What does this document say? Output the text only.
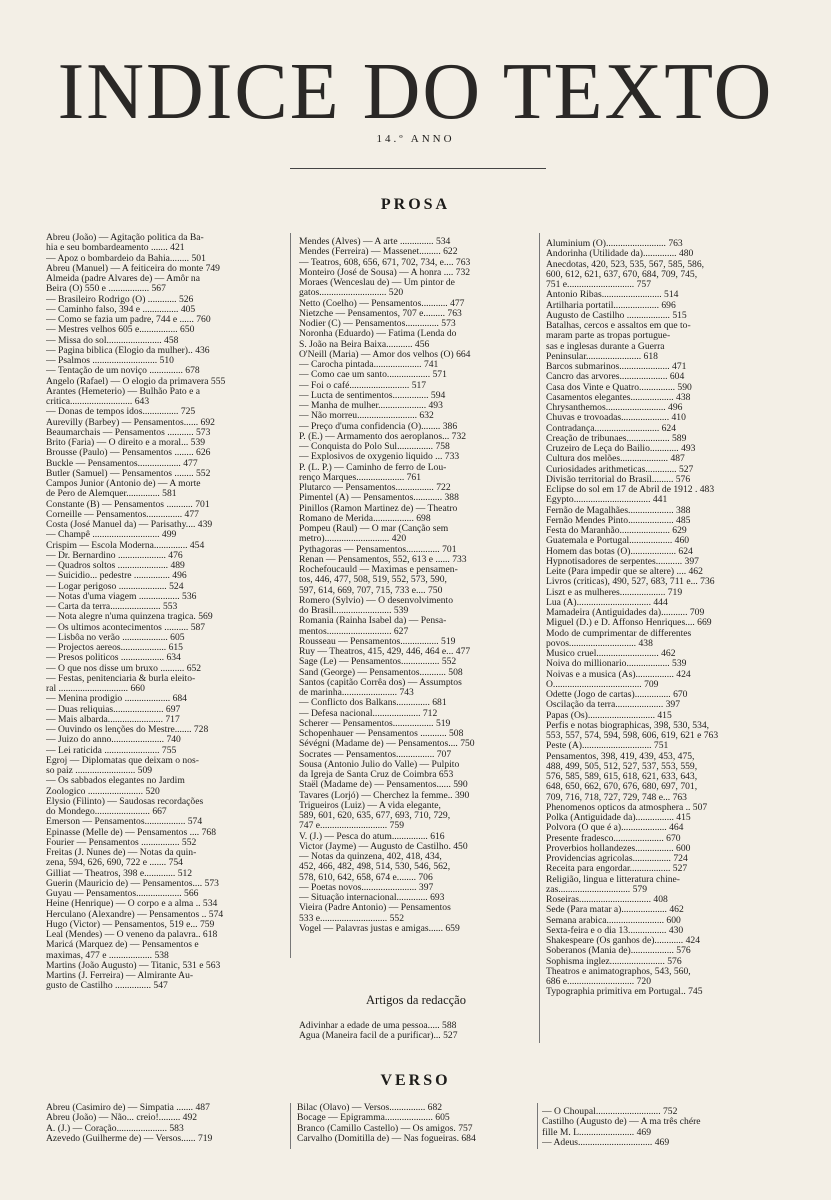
INDICE DO TEXTO
14.º ANNO
PROSA
Abreu (João) — Agitação politica da Ba-
hia e seu bombardeamento ....... 421
— Apoz o bombardeio da Bahia........ 501
Abreu (Manuel) — A feiticeira do monte 749
Almeida (padre Alvares de) — Amôr na
Beira (O) 550 e ................. 567
— Brasileiro Rodrigo (O) ............ 526
— Caminho falso, 394 e ............... 405
— Como se fazia um padre, 744 e ...... 760
— Mestres velhos 605 e................ 650
— Missa do sol....................... 458
— Pagina biblica (Elogio da mulher).. 436
— Psalmos ........................... 510
— Tentação de um noviço .............. 678
Angelo (Rafael) — O elogio da primavera 555
Arantes (Hemeterio) — Bulhão Pato e a
critica.......................... 643
— Donas de tempos idos............... 725
Aurevilly (Barbey) — Pensamentos...... 692
Beaumarchais — Pensamentos ........... 573
Brito (Faria) — O direito e a moral... 539
Brousse (Paulo) — Pensamentos ........ 626
Buckle — Pensamentos.................. 477
Butler (Samuel) — Pensamentos ........ 552
Campos Junior (Antonio de) — A morte
de Pero de Alemquer.............. 581
Constante (B) — Pensamentos ........... 701
Corneille — Pensamentos............... 477
Costa (José Manuel da) — Parisathy.... 439
— Champê ............................ 499
Crispim — Escola Moderna.............. 454
— Dr. Bernardino .................... 476
— Quadros soltos ..................... 489
— Suicidio... pedestre ............... 496
— Logar perigoso .................... 524
— Notas d'uma viagem ................. 536
— Carta da terra..................... 553
— Nota alegre n'uma quinzena tragica. 569
— Os ultimos acontecimentos .......... 587
— Lisbôa no verão ................... 605
— Projectos aereos................... 615
— Presos politicos .................. 634
— O que nos disse um bruxo .......... 652
— Festas, penitenciaria & burla eleito-
ral ............................. 660
— Menina prodigio ................... 684
— Duas reliquias..................... 697
— Mais albarda....................... 717
— Ouvindo os lenções do Mestre....... 728
— Juizo do anno...................... 740
— Lei raticida ....................... 755
Egroj — Diplomatas que deixam o nos-
so paiz ......................... 509
— Os sabbados elegantes no Jardim
Zoologico ....................... 520
Elysio (Filinto) — Saudosas recordações
do Mondego....................... 667
Emerson — Pensamentos................. 574
Epinasse (Melle de) — Pensamentos .... 768
Fourier — Pensamentos ................ 552
Freitas (J. Nunes de) — Notas da quin-
zena, 594, 626, 690, 722 e ....... 754
Gilliat — Theatros, 398 e............. 512
Guerin (Mauricio de) — Pensamentos.... 573
Guyau — Pensamentos................... 566
Heine (Henrique) — O corpo e a alma .. 534
Herculano (Alexandre) — Pensamentos .. 574
Hugo (Victor) — Pensamentos, 519 e... 759
Leal (Mendes) — O veneno da palavra.. 618
Maricá (Marquez de) — Pensamentos e
maximas, 477 e .................. 538
Martins (João Augusto) — Titanic, 531 e 563
Martins (J. Ferreira) — Almirante Au-
gusto de Castilho ............... 547
Mendes (Alves) — A arte .............. 534
Mendes (Ferreira) — Massenet......... 622
— Teatros, 608, 656, 671, 702, 734, e.... 763
Monteiro (José de Sousa) — A honra .... 732
Moraes (Wenceslau de) — Um pintor de
gatos............................ 520
Netto (Coelho) — Pensamentos........... 477
Nietzche — Pensamentos, 707 e......... 763
Nodier (C) — Pensamentos.............. 573
Noronha (Eduardo) — Fatima (Lenda do
S. João na Beira Baixa........... 456
O'Neill (Maria) — Amor dos velhos (O) 664
— Carocha pintada.................... 741
— Como cae um santo.................. 571
— Foi o café......................... 517
— Lucta de sentimentos............... 594
— Manha de mulher.................... 493
— Não morreu......................... 632
— Preço d'uma confidencia (O)........ 386
P. (E.) — Armamento dos aeroplanos... 732
— Conquista do Polo Sul............... 758
— Explosivos de oxygenio liquido ... 733
P. (L. P.) — Caminho de ferro de Lou-
renço Marques.................... 761
Plutarco — Pensamentos................ 722
Pimentel (A) — Pensamentos............ 388
Pinillos (Ramon Martinez de) — Theatro
Romano de Merida................. 698
Pompeu (Raul) — O mar (Canção sem
metro)........................... 420
Pythagoras — Pensamentos.............. 701
Renan — Pensamentos, 552, 613 e ...... 733
Rochefoucauld — Maximas e pensamen-
tos, 446, 477, 508, 519, 552, 573, 590,
597, 614, 669, 707, 715, 733 e.... 750
Romero (Sylvio) — O desenvolvimento
do Brasil........................ 539
Romania (Rainha Isabel da) — Pensa-
mentos........................... 627
Rousseau — Pensamentos................ 519
Ruy — Theatros, 415, 429, 446, 464 e... 477
Sage (Le) — Pensamentos................ 552
Sand (George) — Pensamentos........... 508
Santos (capitão Corrêa dos) — Assumptos
de marinha....................... 743
— Conflicto dos Balkans.............. 681
— Defesa nacional.................... 712
Scherer — Pensamentos................. 519
Schopenhauer — Pensamentos ........... 508
Sévégni (Madame de) — Pensamentos.... 750
Socrates — Pensamentos................ 707
Sousa (Antonio Julio do Valle) — Pulpito
da Igreja de Santa Cruz de Coimbra 653
Staël (Madame de) — Pensamentos...... 590
Tavares (Lorjó) — Cherchez la femme.. 390
Trigueiros (Luiz) — A vida elegante,
589, 601, 620, 635, 677, 693, 710, 729,
747 e............................ 759
V. (J.) — Pesca do atum............... 616
Victor (Jayme) — Augusto de Castilho. 450
— Notas da quinzena, 402, 418, 434,
452, 466, 482, 498, 514, 530, 546, 562,
578, 610, 642, 658, 674 e........ 706
— Poetas novos....................... 397
— Situação internacional............. 693
Vieira (Padre Antonio) — Pensamentos
533 e............................ 552
Vogel — Palavras justas e amigas...... 659
Aluminium (O)......................... 763
Andorinha (Utilidade da).............. 480
Anecdotas, 420, 523, 535, 567, 585, 586,
600, 612, 621, 637, 670, 684, 709, 745,
751 e............................ 757
Antonio Ribas......................... 514
Artilharia portatil................... 696
Augusto de Castilho .................. 515
Batalhas, cercos e assaltos em que to-
maram parte as tropas portugue-
sas e inglesas durante a Guerra
Peninsular....................... 618
Barcos submarinos..................... 471
Cancro das arvores.................... 604
Casa dos Vinte e Quatro............... 590
Casamentos elegantes.................. 438
Chrysanthemos......................... 496
Chuvas e trovoadas.................... 410
Contradança........................... 624
Creação de tribunaes.................. 589
Cruzeiro de Leça do Bailio............ 493
Cultura dos melões.................... 487
Curiosidades arithmeticas............. 527
Divisão territorial do Brasil......... 576
Eclipse do sol em 17 de Abril de 1912 . 483
Egypto................................ 441
Fernão de Magalhães................... 388
Fernão Mendes Pinto................... 485
Festa do Maranhão..................... 629
Guatemala e Portugal.................. 460
Homem das botas (O)................... 624
Hypnotisadores de serpentes........... 397
Leite (Para impedir que se altere) .... 462
Livros (criticas), 490, 527, 683, 711 e... 736
Liszt e as mulheres................... 719
Lua (A)............................... 444
Mamadeira (Antiguidades da)........... 709
Miguel (D.) e D. Affonso Henriques.... 669
Modo de cumprimentar de differentes
povos............................ 438
Musico cruel.......................... 462
Noiva do millionario.................. 539
Noivas e a musica (As)................ 424
O..................................... 709
Odette (Jogo de cartas)............... 670
Oscilação da terra.................... 397
Papas (Os)............................ 415
Perfis e notas biographicas, 398, 530, 534,
553, 557, 574, 594, 598, 606, 619, 621 e 763
Peste (A)............................. 751
Pensamentos, 398, 419, 439, 453, 475,
488, 499, 505, 512, 527, 537, 553, 559,
576, 585, 589, 615, 618, 621, 633, 643,
648, 650, 662, 670, 676, 680, 697, 701,
709, 716, 718, 727, 729, 748 e... 763
Phenomenos opticos da atmosphera .. 507
Polka (Antiguidade da)................ 415
Polvora (O que é a)................... 464
Presente fradesco..................... 670
Proverbios hollandezes................ 600
Providencias agricolas................ 724
Receita para engordar................. 527
Religião, lingua e litteratura chine-
zas.............................. 579
Roseiras.............................. 408
Sede (Para matar a)................... 462
Semana arabica........................ 600
Sexta-feira e o dia 13................ 430
Shakespeare (Os ganhos de)............ 424
Soberanos (Mania de).................. 576
Sophisma inglez....................... 576
Theatros e animatographos, 543, 560,
686 e............................ 720
Typographia primitiva em Portugal.. 745
Artigos da redacção
Adivinhar a edade de uma pessoa..... 588
Agua (Maneira facil de a purificar)... 527
VERSO
Abreu (Casimiro de) — Simpatia ....... 487
Abreu (João) — Não... creio!......... 492
A. (J.) — Coração..................... 583
Azevedo (Guilherme de) — Versos...... 719
Bilac (Olavo) — Versos............... 682
Bocage — Epigramma.................... 605
Branco (Camillo Castello) — Os amigos. 757
Carvalho (Domitilla de) — Nas fogueiras. 684
— O Choupal........................... 752
Castilho (Augusto de) — A ma três chére
fille M. L....................... 469
— Adeus............................... 469
